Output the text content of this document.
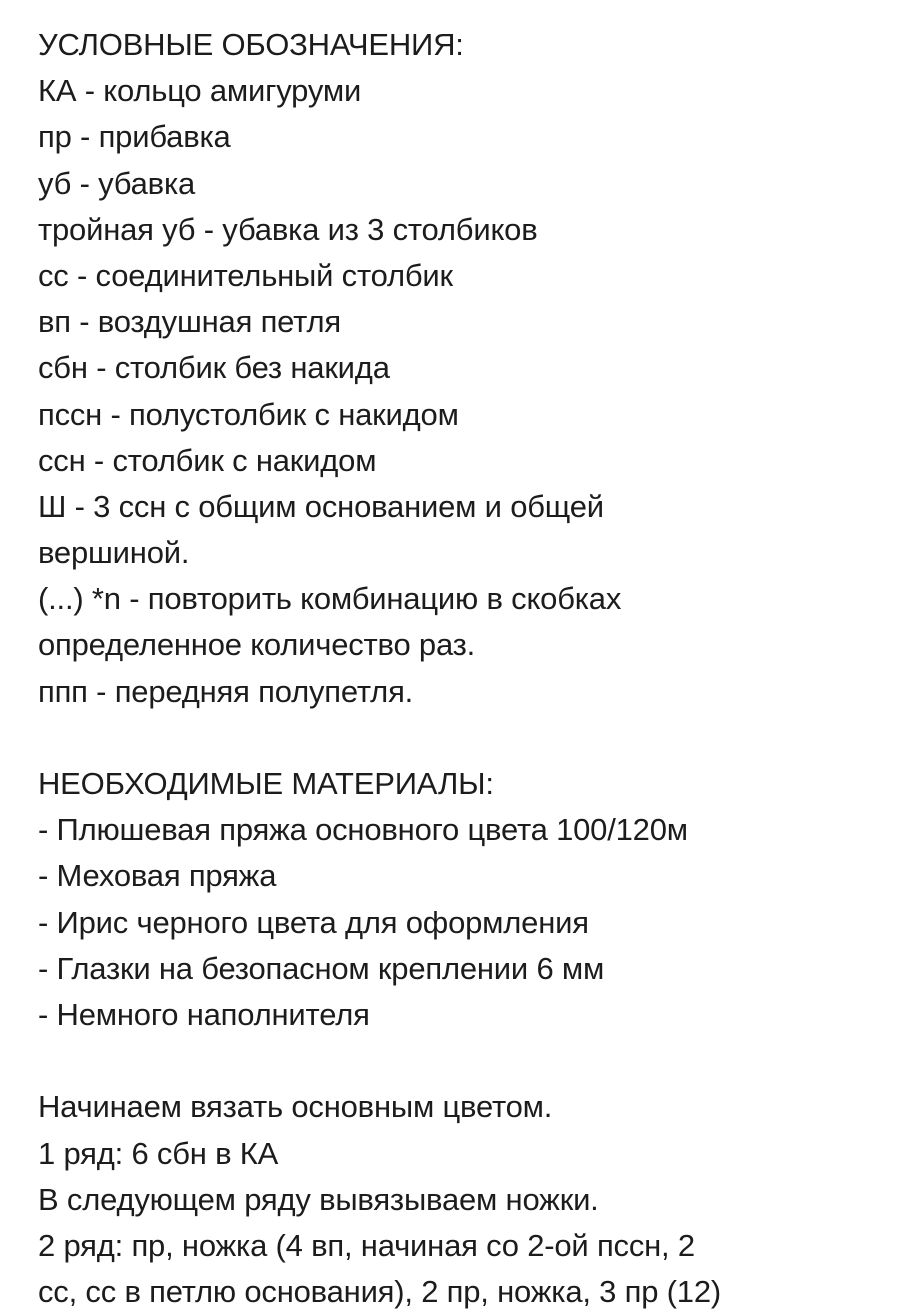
УСЛОВНЫЕ ОБОЗНАЧЕНИЯ:
КА - кольцо амигуруми
пр - прибавка
уб - убавка
тройная уб - убавка из 3 столбиков
сс - соединительный столбик
вп - воздушная петля
сбн - столбик без накида
пссн - полустолбик с накидом
ссн - столбик с накидом
Ш - 3 ссн с общим основанием и общей
вершиной.
(...) *n - повторить комбинацию в скобках
определенное количество раз.
ппп - передняя полупетля.
НЕОБХОДИМЫЕ МАТЕРИАЛЫ:
- Плюшевая пряжа основного цвета 100/120м
- Меховая пряжа
- Ирис черного цвета для оформления
- Глазки на безопасном креплении 6 мм
- Немного наполнителя
Начинаем вязать основным цветом.
1 ряд: 6 сбн в КА
В следующем ряду вывязываем ножки.
2 ряд: пр, ножка (4 вп, начиная со 2-ой пссн, 2
сс, сс в петлю основания), 2 пр, ножка, 3 пр (12)
